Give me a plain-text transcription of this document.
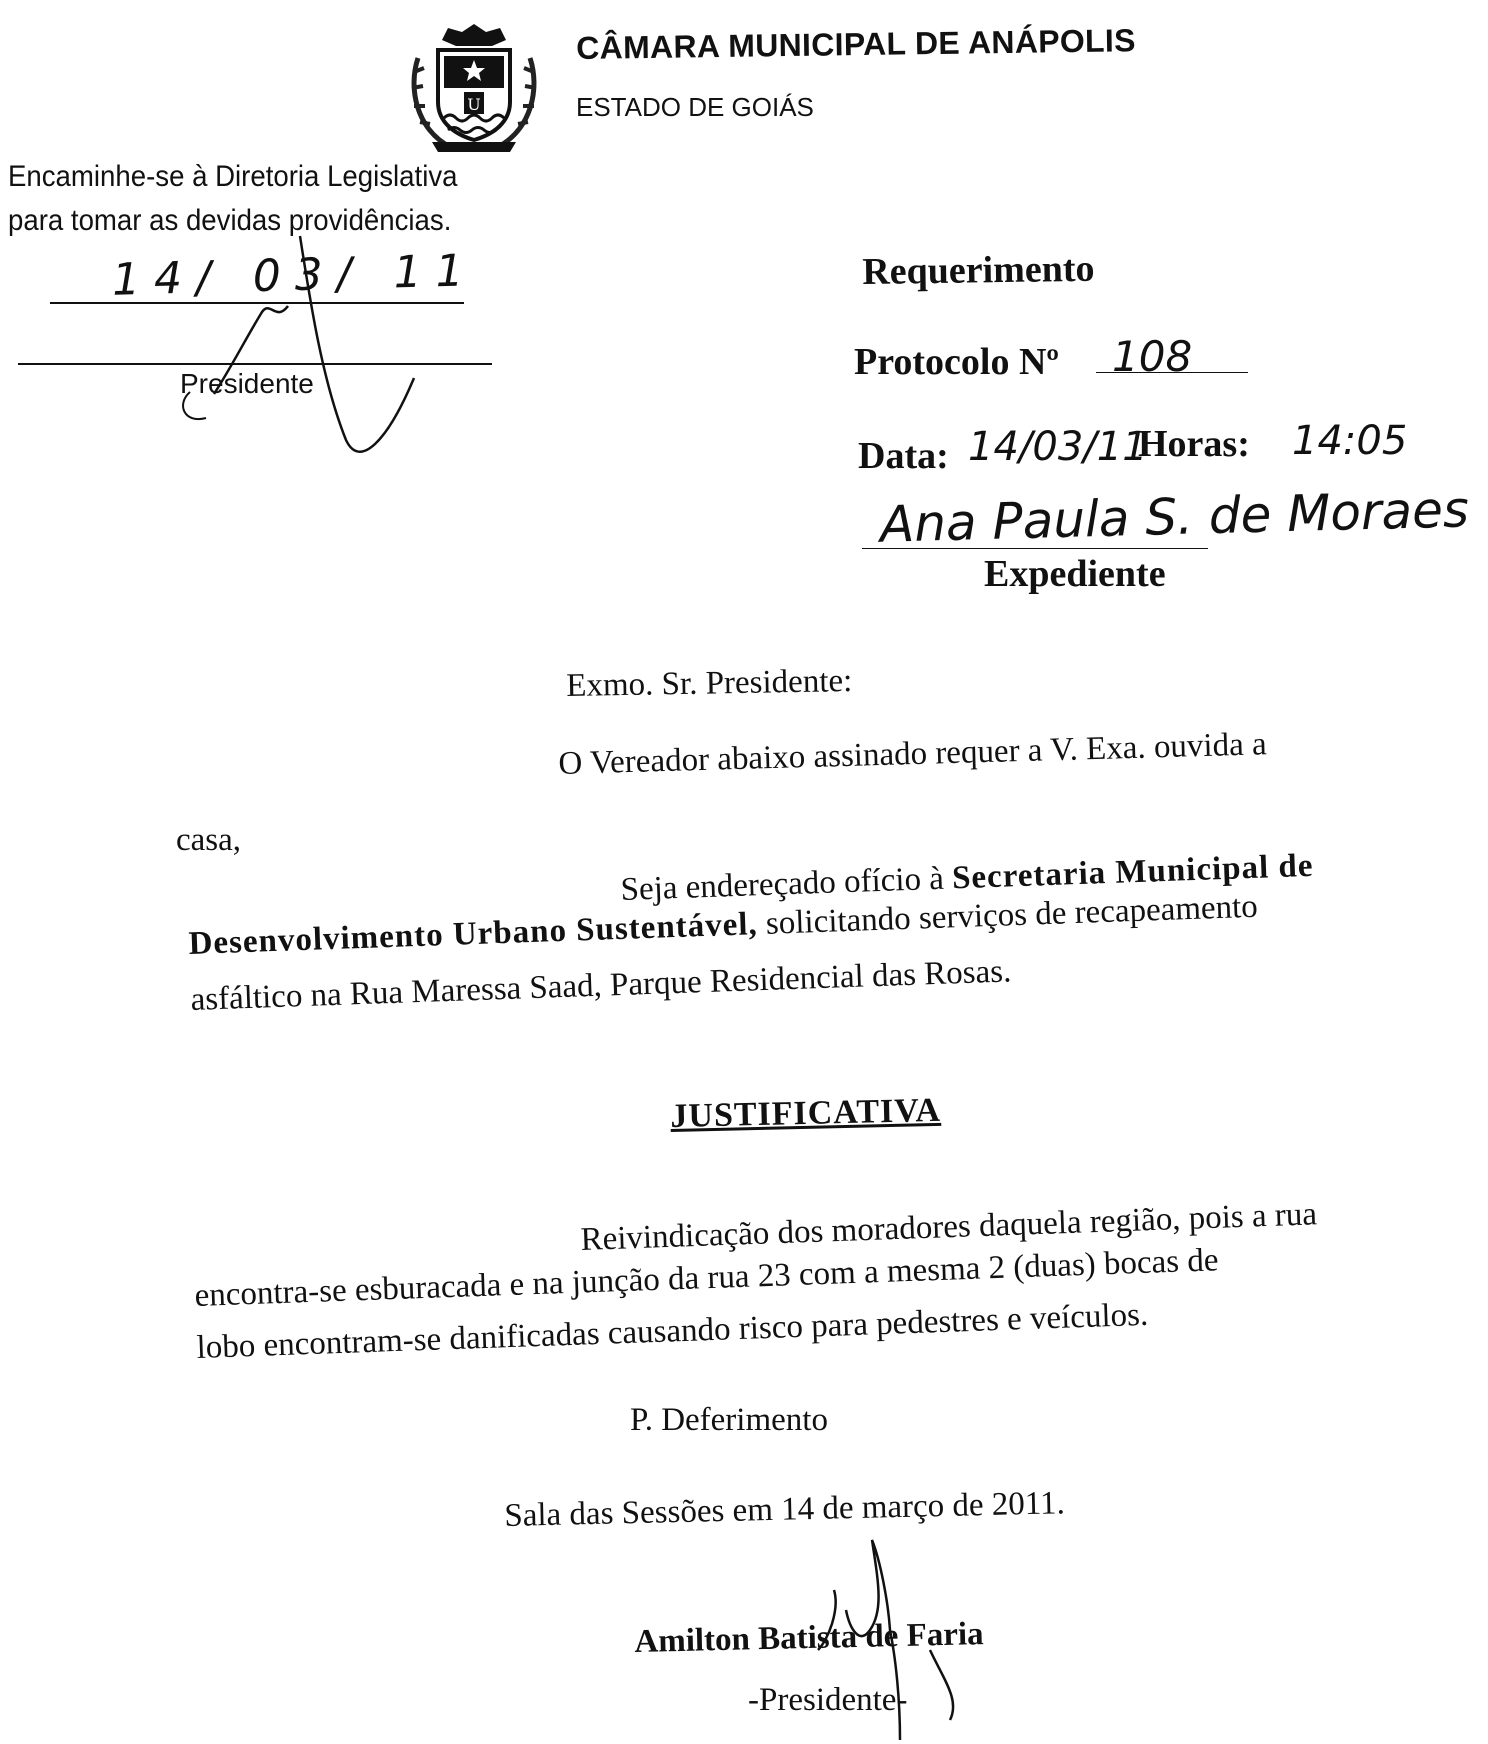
U
CÂMARA MUNICIPAL DE ANÁPOLIS
ESTADO DE GOIÁS
Encaminhe-se à Diretoria Legislativa
para tomar as devidas providências.
14/ 03/ 11
Presidente
Requerimento
Protocolo Nº 108
Data: 14/03/11
Horas: 14:05
Ana Paula S. de Moraes
Expediente
Exmo. Sr. Presidente:
O Vereador abaixo assinado requer a V. Exa. ouvida a
casa,
Seja endereçado ofício à Secretaria Municipal de
Desenvolvimento Urbano Sustentável, solicitando serviços de recapeamento
asfáltico na Rua Maressa Saad, Parque Residencial das Rosas.
JUSTIFICATIVA
Reivindicação dos moradores daquela região, pois a rua
encontra-se esburacada e na junção da rua 23 com a mesma 2 (duas) bocas de
lobo encontram-se danificadas causando risco para pedestres e veículos.
P. Deferimento
Sala das Sessões em 14 de março de 2011.
Amilton Batista de Faria
-Presidente-
